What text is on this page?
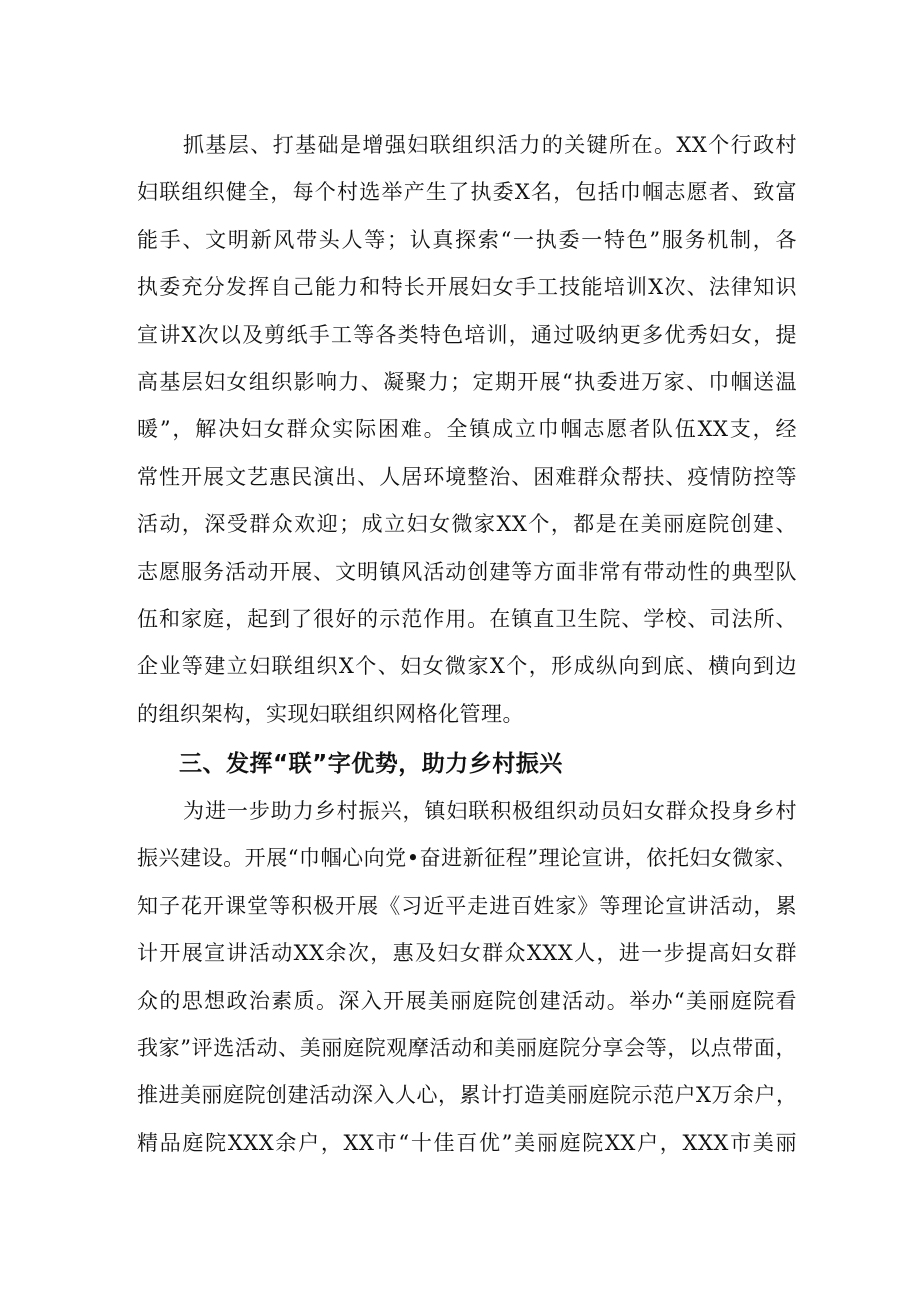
抓基层、打基础是增强妇联组织活力的关键所在。XX个行政村
妇联组织健全，每个村选举产生了执委X名，包括巾帼志愿者、致富
能手、文明新风带头人等；认真探索“一执委一特色”服务机制，各
执委充分发挥自己能力和特长开展妇女手工技能培训X次、法律知识
宣讲X次以及剪纸手工等各类特色培训，通过吸纳更多优秀妇女，提
高基层妇女组织影响力、凝聚力；定期开展“执委进万家、巾帼送温
暖”，解决妇女群众实际困难。全镇成立巾帼志愿者队伍XX支，经
常性开展文艺惠民演出、人居环境整治、困难群众帮扶、疫情防控等
活动，深受群众欢迎；成立妇女微家XX个，都是在美丽庭院创建、
志愿服务活动开展、文明镇风活动创建等方面非常有带动性的典型队
伍和家庭，起到了很好的示范作用。在镇直卫生院、学校、司法所、
企业等建立妇联组织X个、妇女微家X个，形成纵向到底、横向到边
的组织架构，实现妇联组织网格化管理。
三、发挥“联”字优势，助力乡村振兴
为进一步助力乡村振兴，镇妇联积极组织动员妇女群众投身乡村
振兴建设。开展“巾帼心向党•奋进新征程”理论宣讲，依托妇女微家、
知子花开课堂等积极开展《习近平走进百姓家》等理论宣讲活动，累
计开展宣讲活动XX余次，惠及妇女群众XXX人，进一步提高妇女群
众的思想政治素质。深入开展美丽庭院创建活动。举办“美丽庭院看
我家”评选活动、美丽庭院观摩活动和美丽庭院分享会等，以点带面，
推进美丽庭院创建活动深入人心，累计打造美丽庭院示范户X万余户，
精品庭院XXX余户，XX市“十佳百优”美丽庭院XX户，XXX市美丽
